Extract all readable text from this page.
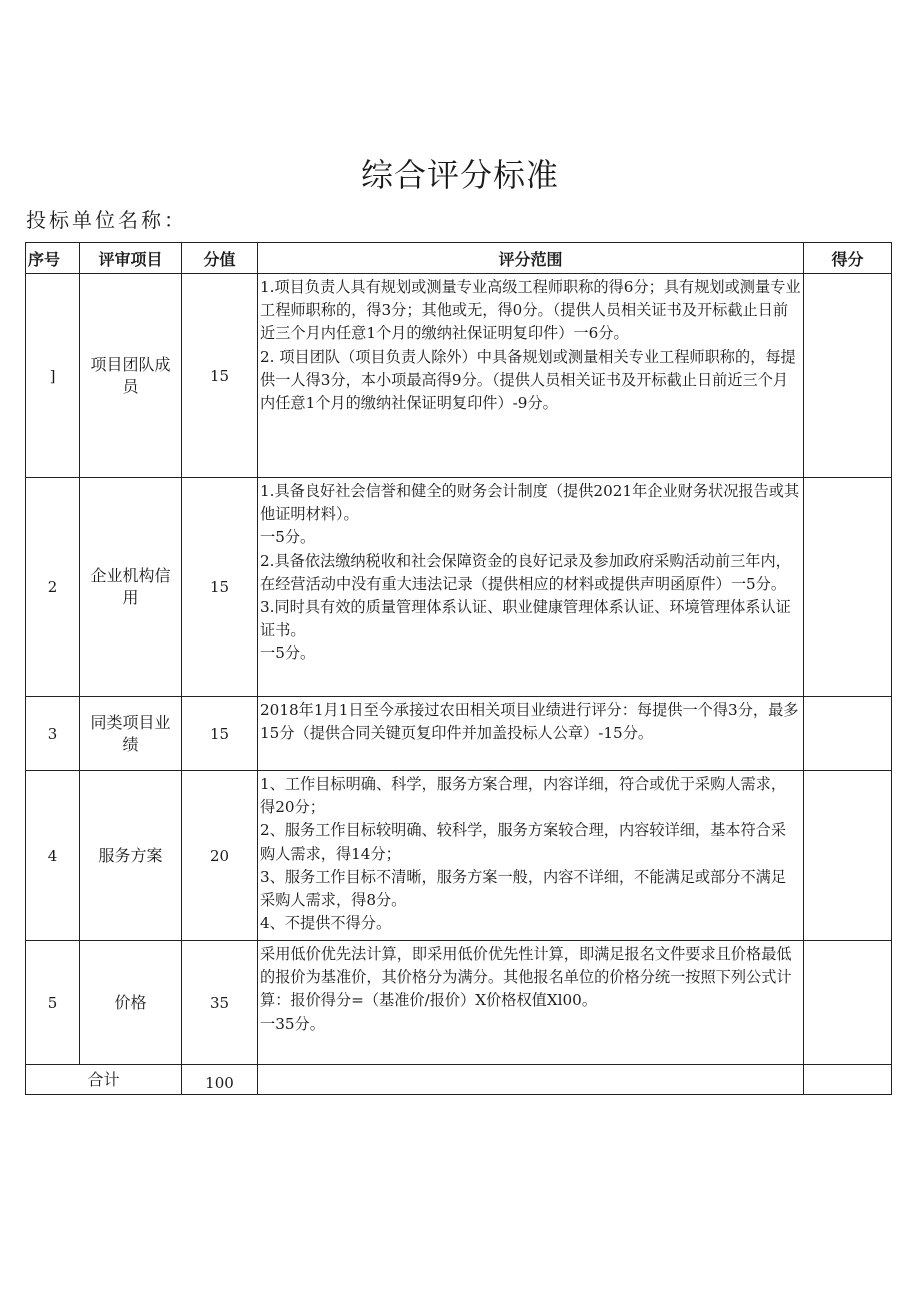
综合评分标准
投标单位名称：
序号	评审项目	分值	评分范围	得分
]	项目团队成员	15	1.项目负责人具有规划或测量专业高级工程师职称的得6分；具有规划或测量专业工程师职称的，得3分；其他或无，得0分。（提供人员相关证书及开标截止日前近三个月内任意1个月的缴纳社保证明复印件）一6分。
2. 项目团队（项目负责人除外）中具备规划或测量相关专业工程师职称的，每提供一人得3分，本小项最高得9分。（提供人员相关证书及开标截止日前近三个月内任意1个月的缴纳社保证明复印件）-9分。	

2	企业机构信用	15	1.具备良好社会信誉和健全的财务会计制度（提供2021年企业财务状况报告或其他证明材料）。
一5分。
2.具备依法缴纳税收和社会保障资金的良好记录及参加政府采购活动前三年内，在经营活动中没有重大违法记录（提供相应的材料或提供声明函原件）一5分。
3.同时具有效的质量管理体系认证、职业健康管理体系认证、环境管理体系认证证书。
一5分。	

3	同类项目业绩	15	2018年1月1日至今承接过农田相关项目业绩进行评分：每提供一个得3分，最多15分（提供合同关键页复印件并加盖投标人公章）-15分。	

4	服务方案	20	1、工作目标明确、科学，服务方案合理，内容详细，符合或优于采购人需求，得20分；
2、服务工作目标较明确、较科学，服务方案较合理，内容较详细，基本符合采购人需求，得14分；
3、服务工作目标不清晰，服务方案一般，内容不详细，不能满足或部分不满足采购人需求，得8分。
4、不提供不得分。	

5	价格	35	采用低价优先法计算，即采用低价优先性计算，即满足报名文件要求且价格最低的报价为基准价，其价格分为满分。其他报名单位的价格分统一按照下列公式计算：报价得分=（基准价/报价）X价格权值Xl00。
一35分。	

合计		100		
